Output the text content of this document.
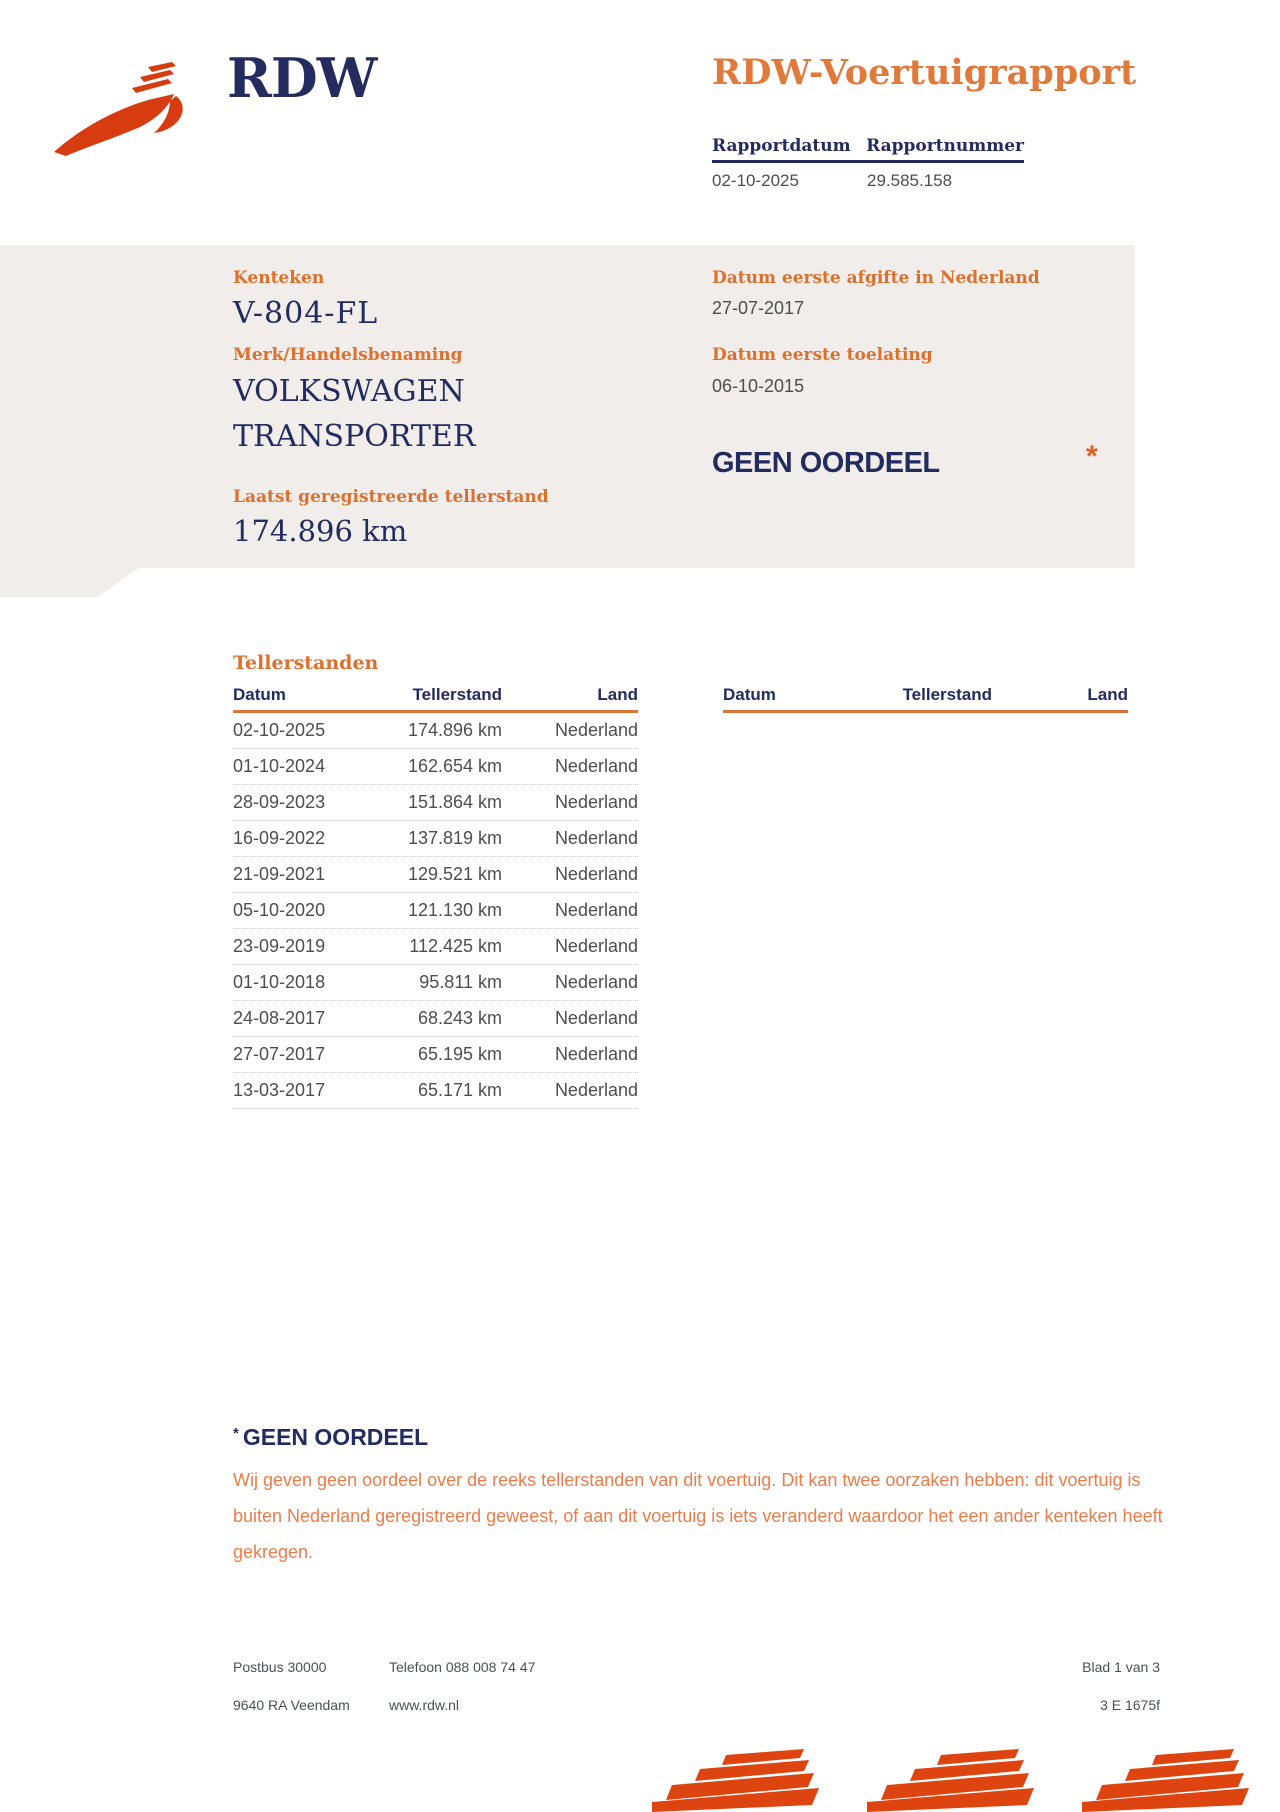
RDW	RDW-Voertuigrapport
Rapportdatum Rapportnummer
02-10-2025	29.585.158
Kenteken
V-804-FL
Merk/Handelsbenaming
VOLKSWAGEN
TRANSPORTER
Laatst geregistreerde tellerstand
174.896 km
Datum eerste afgifte in Nederland
27-07-2017
Datum eerste toelating
06-10-2015
GEEN OORDEEL	*
Tellerstanden
Datum	Tellerstand	Land
02-10-2025	174.896 km	Nederland
01-10-2024	162.654 km	Nederland
28-09-2023	151.864 km	Nederland
16-09-2022	137.819 km	Nederland
21-09-2021	129.521 km	Nederland
05-10-2020	121.130 km	Nederland
23-09-2019	112.425 km	Nederland
01-10-2018	95.811 km	Nederland
24-08-2017	68.243 km	Nederland
27-07-2017	65.195 km	Nederland
13-03-2017	65.171 km	Nederland
Datum	Tellerstand	Land
* GEEN OORDEEL
Wij geven geen oordeel over de reeks tellerstanden van dit voertuig. Dit kan twee oorzaken hebben: dit voertuig is buiten Nederland geregistreerd geweest, of aan dit voertuig is iets veranderd waardoor het een ander kenteken heeft gekregen.
Postbus 30000	Telefoon 088 008 74 47	Blad 1 van 3
9640 RA Veendam	www.rdw.nl	3 E 1675f
